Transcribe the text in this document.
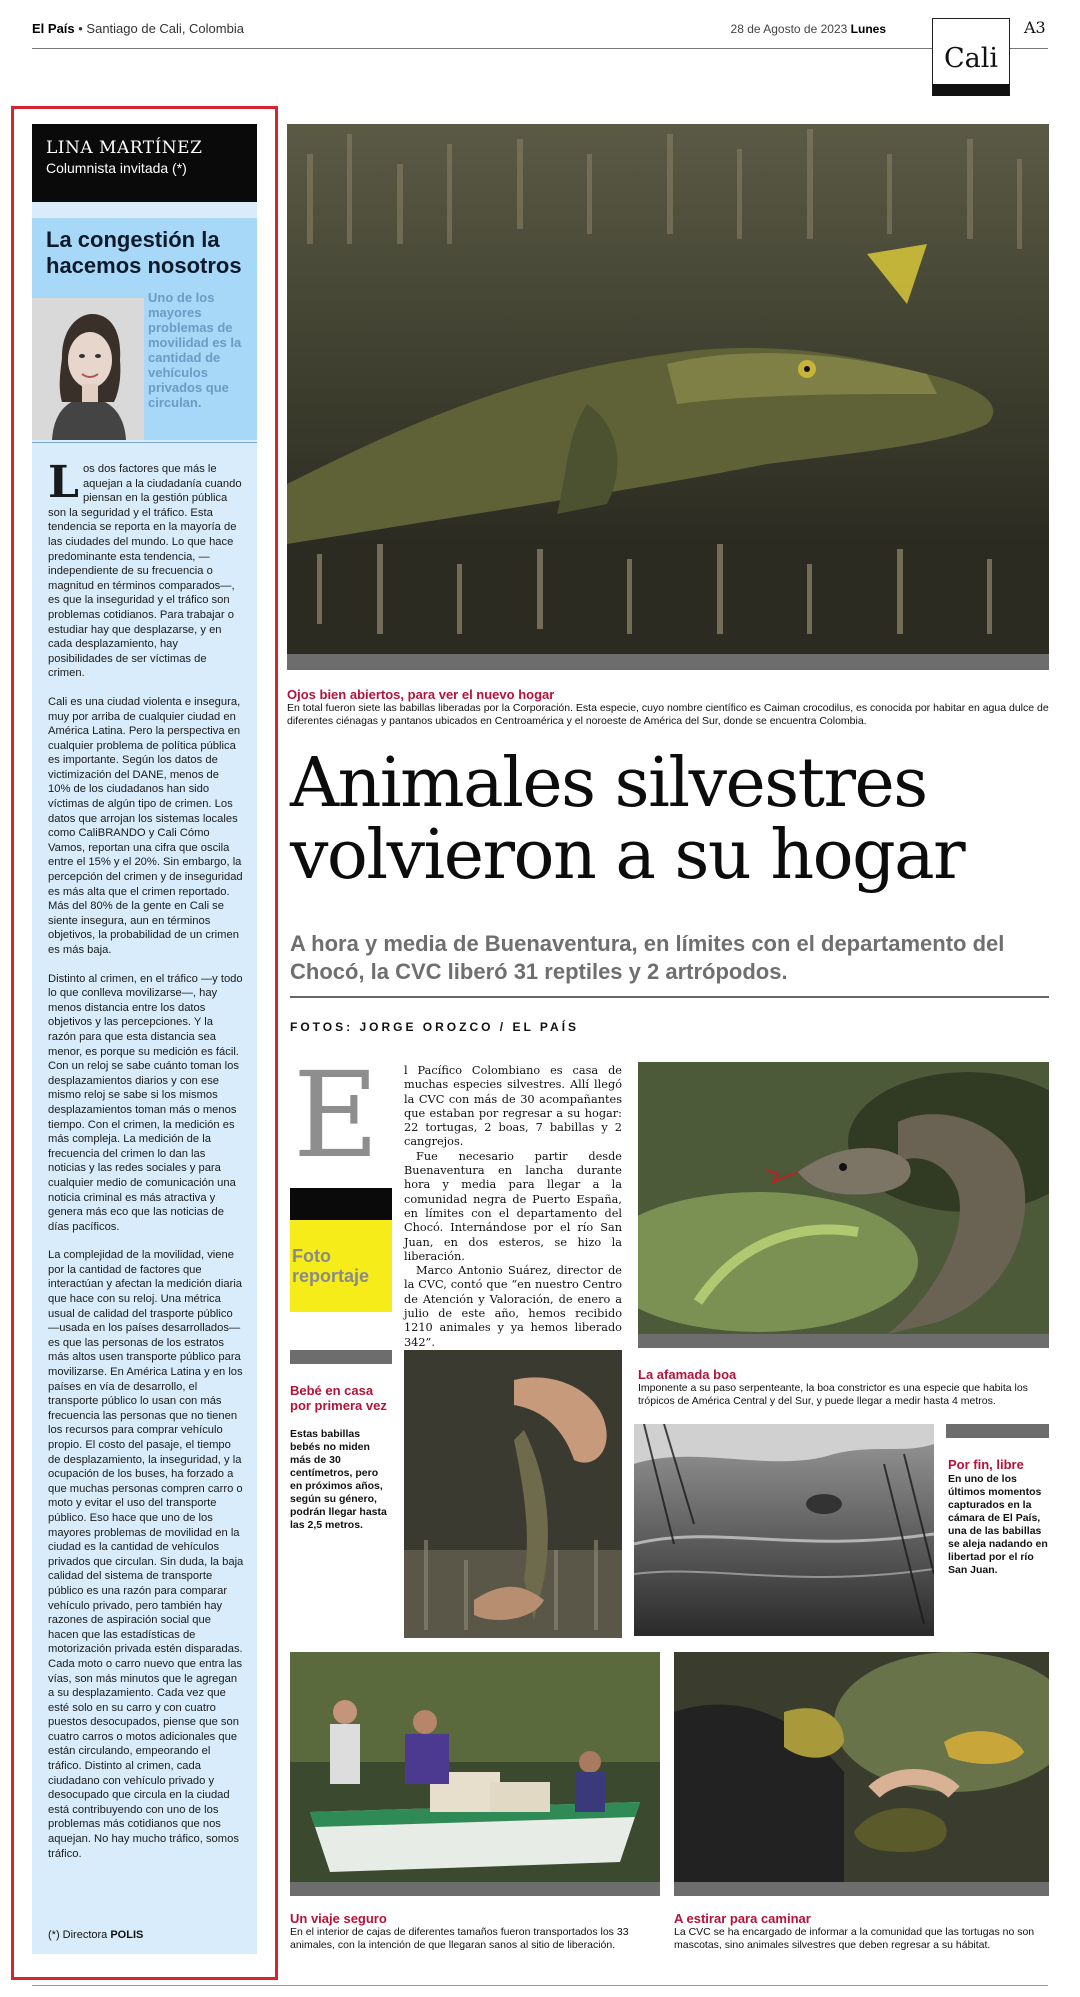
El País • Santiago de Cali, Colombia	28 de Agosto de 2023 Lunes
Cali
A3
LINA MARTÍNEZ
Columnista invitada (*)
La congestión la hacemos nosotros
Uno de los mayores problemas de movilidad es la cantidad de vehículos privados que circulan.

Los dos factores que más le aquejan a la ciudadanía cuando piensan en la gestión pública son la seguridad y el tráfico. Esta tendencia se reporta en la mayoría de las ciudades del mundo. Lo que hace predominante esta tendencia, —independiente de su frecuencia o magnitud en términos comparados—, es que la inseguridad y el tráfico son problemas cotidianos. Para trabajar o estudiar hay que desplazarse, y en cada desplazamiento, hay posibilidades de ser víctimas de crimen.

Cali es una ciudad violenta e insegura, muy por arriba de cualquier ciudad en América Latina. Pero la perspectiva en cualquier problema de política pública es importante. Según los datos de victimización del DANE, menos de 10% de los ciudadanos han sido víctimas de algún tipo de crimen. Los datos que arrojan los sistemas locales como CaliBRANDO y Cali Cómo Vamos, reportan una cifra que oscila entre el 15% y el 20%. Sin embargo, la percepción del crimen y de inseguridad es más alta que el crimen reportado. Más del 80% de la gente en Cali se siente insegura, aun en términos objetivos, la probabilidad de un crimen es más baja.

Distinto al crimen, en el tráfico —y todo lo que conlleva movilizarse—, hay menos distancia entre los datos objetivos y las percepciones. Y la razón para que esta distancia sea menor, es porque su medición es fácil. Con un reloj se sabe cuánto toman los desplazamientos diarios y con ese mismo reloj se sabe si los mismos desplazamientos toman más o menos tiempo. Con el crimen, la medición es más compleja. La medición de la frecuencia del crimen lo dan las noticias y las redes sociales y para cualquier medio de comunicación una noticia criminal es más atractiva y genera más eco que las noticias de días pacíficos.

La complejidad de la movilidad, viene por la cantidad de factores que interactúan y afectan la medición diaria que hace con su reloj. Una métrica usual de calidad del trasporte público —usada en los países desarrollados— es que las personas de los estratos más altos usen transporte público para movilizarse. En América Latina y en los países en vía de desarrollo, el transporte público lo usan con más frecuencia las personas que no tienen los recursos para comprar vehículo propio. El costo del pasaje, el tiempo de desplazamiento, la inseguridad, y la ocupación de los buses, ha forzado a que muchas personas compren carro o moto y evitar el uso del transporte público. Eso hace que uno de los mayores problemas de movilidad en la ciudad es la cantidad de vehículos privados que circulan. Sin duda, la baja calidad del sistema de transporte público es una razón para comparar vehículo privado, pero también hay razones de aspiración social que hacen que las estadísticas de motorización privada estén disparadas. Cada moto o carro nuevo que entra las vías, son más minutos que le agregan a su desplazamiento. Cada vez que esté solo en su carro y con cuatro puestos desocupados, piense que son cuatro carros o motos adicionales que están circulando, empeorando el tráfico. Distinto al crimen, cada ciudadano con vehículo privado y desocupado que circula en la ciudad está contribuyendo con uno de los problemas más cotidianos que nos aquejan. No hay mucho tráfico, somos tráfico.

(*) Directora POLIS
Ojos bien abiertos, para ver el nuevo hogar
En total fueron siete las babillas liberadas por la Corporación. Esta especie, cuyo nombre científico es Caiman crocodilus, es conocida por habitar en agua dulce de diferentes ciénagas y pantanos ubicados en Centroamérica y el noroeste de América del Sur, donde se encuentra Colombia.
Animales silvestres
volvieron a su hogar
A hora y media de Buenaventura, en límites con el departamento del Chocó, la CVC liberó 31 reptiles y 2 artrópodos.
FOTOS: JORGE OROZCO / EL PAÍS
E
Foto
reportaje

l Pacífico Colombiano es casa de muchas especies silvestres. Allí llegó la CVC con más de 30 acompañantes que estaban por regresar a su hogar: 22 tortugas, 2 boas, 7 babillas y 2 cangrejos.

Fue necesario partir desde Buenaventura en lancha durante hora y media para llegar a la comunidad negra de Puerto España, en límites con el departamento del Chocó. Internándose por el río San Juan, en dos esteros, se hizo la liberación.

Marco Antonio Suárez, director de la CVC, contó que “en nuestro Centro de Atención y Valoración, de enero a julio de este año, hemos recibido 1210 animales y ya hemos liberado 342”.

La afamada boa
Imponente a su paso serpenteante, la boa constrictor es una especie que habita los trópicos de América Central y del Sur, y puede llegar a medir hasta 4 metros.
Bebé en casa por primera vez
Estas babillas bebés no miden más de 30 centímetros, pero en próximos años, según su género, podrán llegar hasta las 2,5 metros.
Por fin, libre
En uno de los últimos momentos capturados en la cámara de El País, una de las babillas se aleja nadando en libertad por el río San Juan.
Un viaje seguro
En el interior de cajas de diferentes tamaños fueron transportados los 33 animales, con la intención de que llegaran sanos al sitio de liberación.
A estirar para caminar
La CVC se ha encargado de informar a la comunidad que las tortugas no son mascotas, sino animales silvestres que deben regresar a su hábitat.
